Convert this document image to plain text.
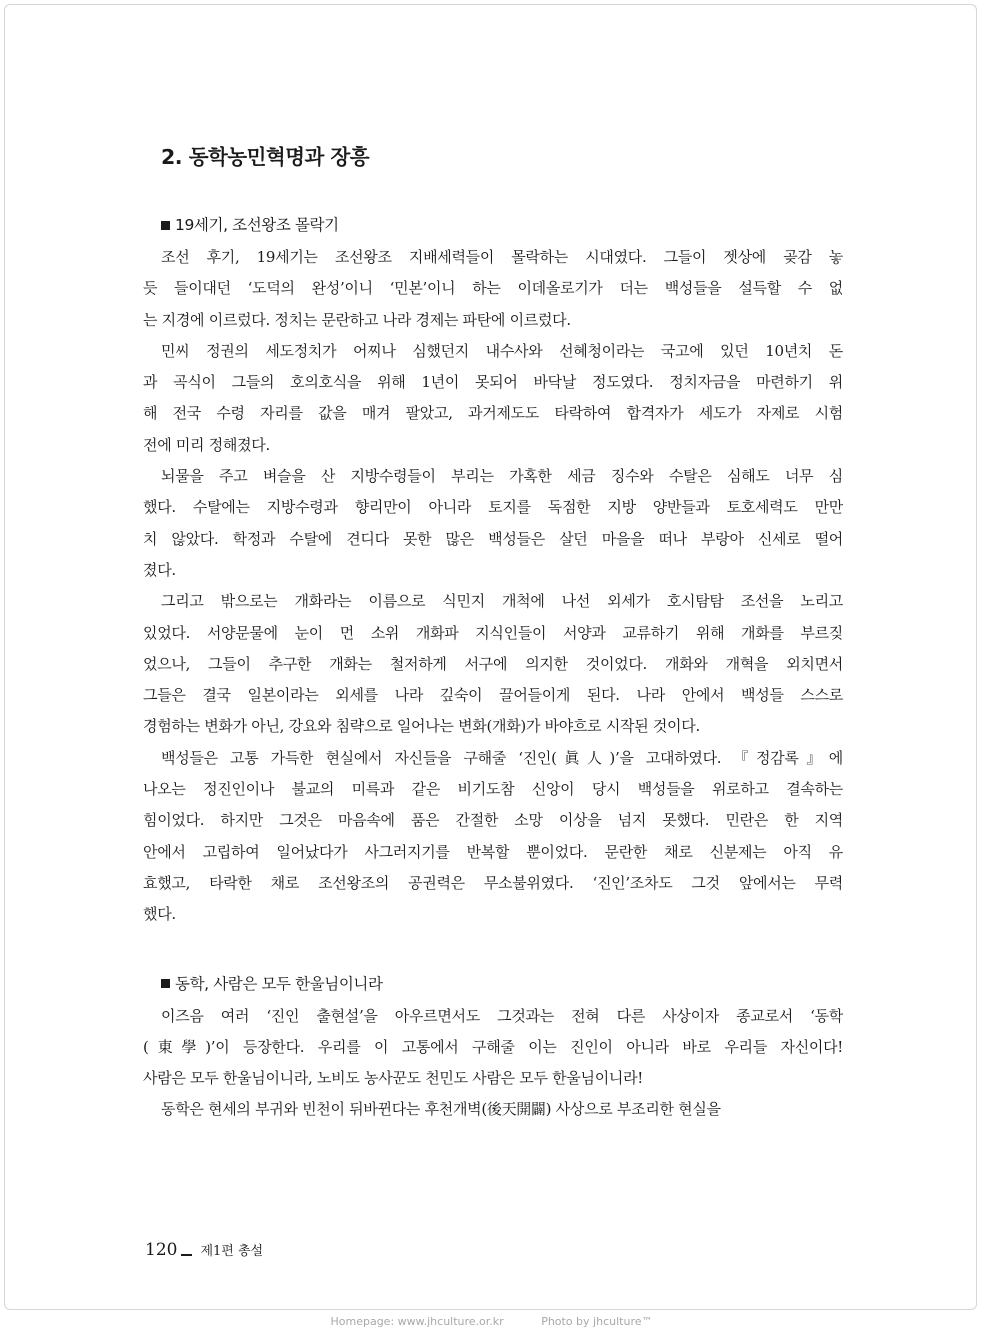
2. 동학농민혁명과 장흥
19세기, 조선왕조 몰락기
조선 후기, 19세기는 조선왕조 지배세력들이 몰락하는 시대였다. 그들이 젯상에 곶감 놓
듯 들이대던 ‘도덕의 완성’이니 ‘민본’이니 하는 이데올로기가 더는 백성들을 설득할 수 없
는 지경에 이르렀다. 정치는 문란하고 나라 경제는 파탄에 이르렀다.
민씨 정권의 세도정치가 어찌나 심했던지 내수사와 선혜청이라는 국고에 있던 10년치 돈
과 곡식이 그들의 호의호식을 위해 1년이 못되어 바닥날 정도였다. 정치자금을 마련하기 위
해 전국 수령 자리를 값을 매겨 팔았고, 과거제도도 타락하여 합격자가 세도가 자제로 시험
전에 미리 정해졌다.
뇌물을 주고 벼슬을 산 지방수령들이 부리는 가혹한 세금 징수와 수탈은 심해도 너무 심
했다. 수탈에는 지방수령과 향리만이 아니라 토지를 독점한 지방 양반들과 토호세력도 만만
치 않았다. 학정과 수탈에 견디다 못한 많은 백성들은 살던 마을을 떠나 부랑아 신세로 떨어
졌다.
그리고 밖으로는 개화라는 이름으로 식민지 개척에 나선 외세가 호시탐탐 조선을 노리고
있었다. 서양문물에 눈이 먼 소위 개화파 지식인들이 서양과 교류하기 위해 개화를 부르짖
었으나, 그들이 추구한 개화는 철저하게 서구에 의지한 것이었다. 개화와 개혁을 외치면서
그들은 결국 일본이라는 외세를 나라 깊숙이 끌어들이게 된다. 나라 안에서 백성들 스스로
경험하는 변화가 아닌, 강요와 침략으로 일어나는 변화(개화)가 바야흐로 시작된 것이다.
백성들은 고통 가득한 현실에서 자신들을 구해줄 ‘진인(眞人)’을 고대하였다. 『정감록』에
나오는 정진인이나 불교의 미륵과 같은 비기도참 신앙이 당시 백성들을 위로하고 결속하는
힘이었다. 하지만 그것은 마음속에 품은 간절한 소망 이상을 넘지 못했다. 민란은 한 지역
안에서 고립하여 일어났다가 사그러지기를 반복할 뿐이었다. 문란한 채로 신분제는 아직 유
효했고, 타락한 채로 조선왕조의 공권력은 무소불위였다. ‘진인’조차도 그것 앞에서는 무력
했다.
동학, 사람은 모두 한울님이니라
이즈음 여러 ‘진인 출현설’을 아우르면서도 그것과는 전혀 다른 사상이자 종교로서 ‘동학
(東學)’이 등장한다. 우리를 이 고통에서 구해줄 이는 진인이 아니라 바로 우리들 자신이다!
사람은 모두 한울님이니라, 노비도 농사꾼도 천민도 사람은 모두 한울님이니라!
동학은 현세의 부귀와 빈천이 뒤바뀐다는 후천개벽(後天開闢) 사상으로 부조리한 현실을
120 제1편 총설
Homepage: www.jhculture.or.kr	Photo by jhculture™
